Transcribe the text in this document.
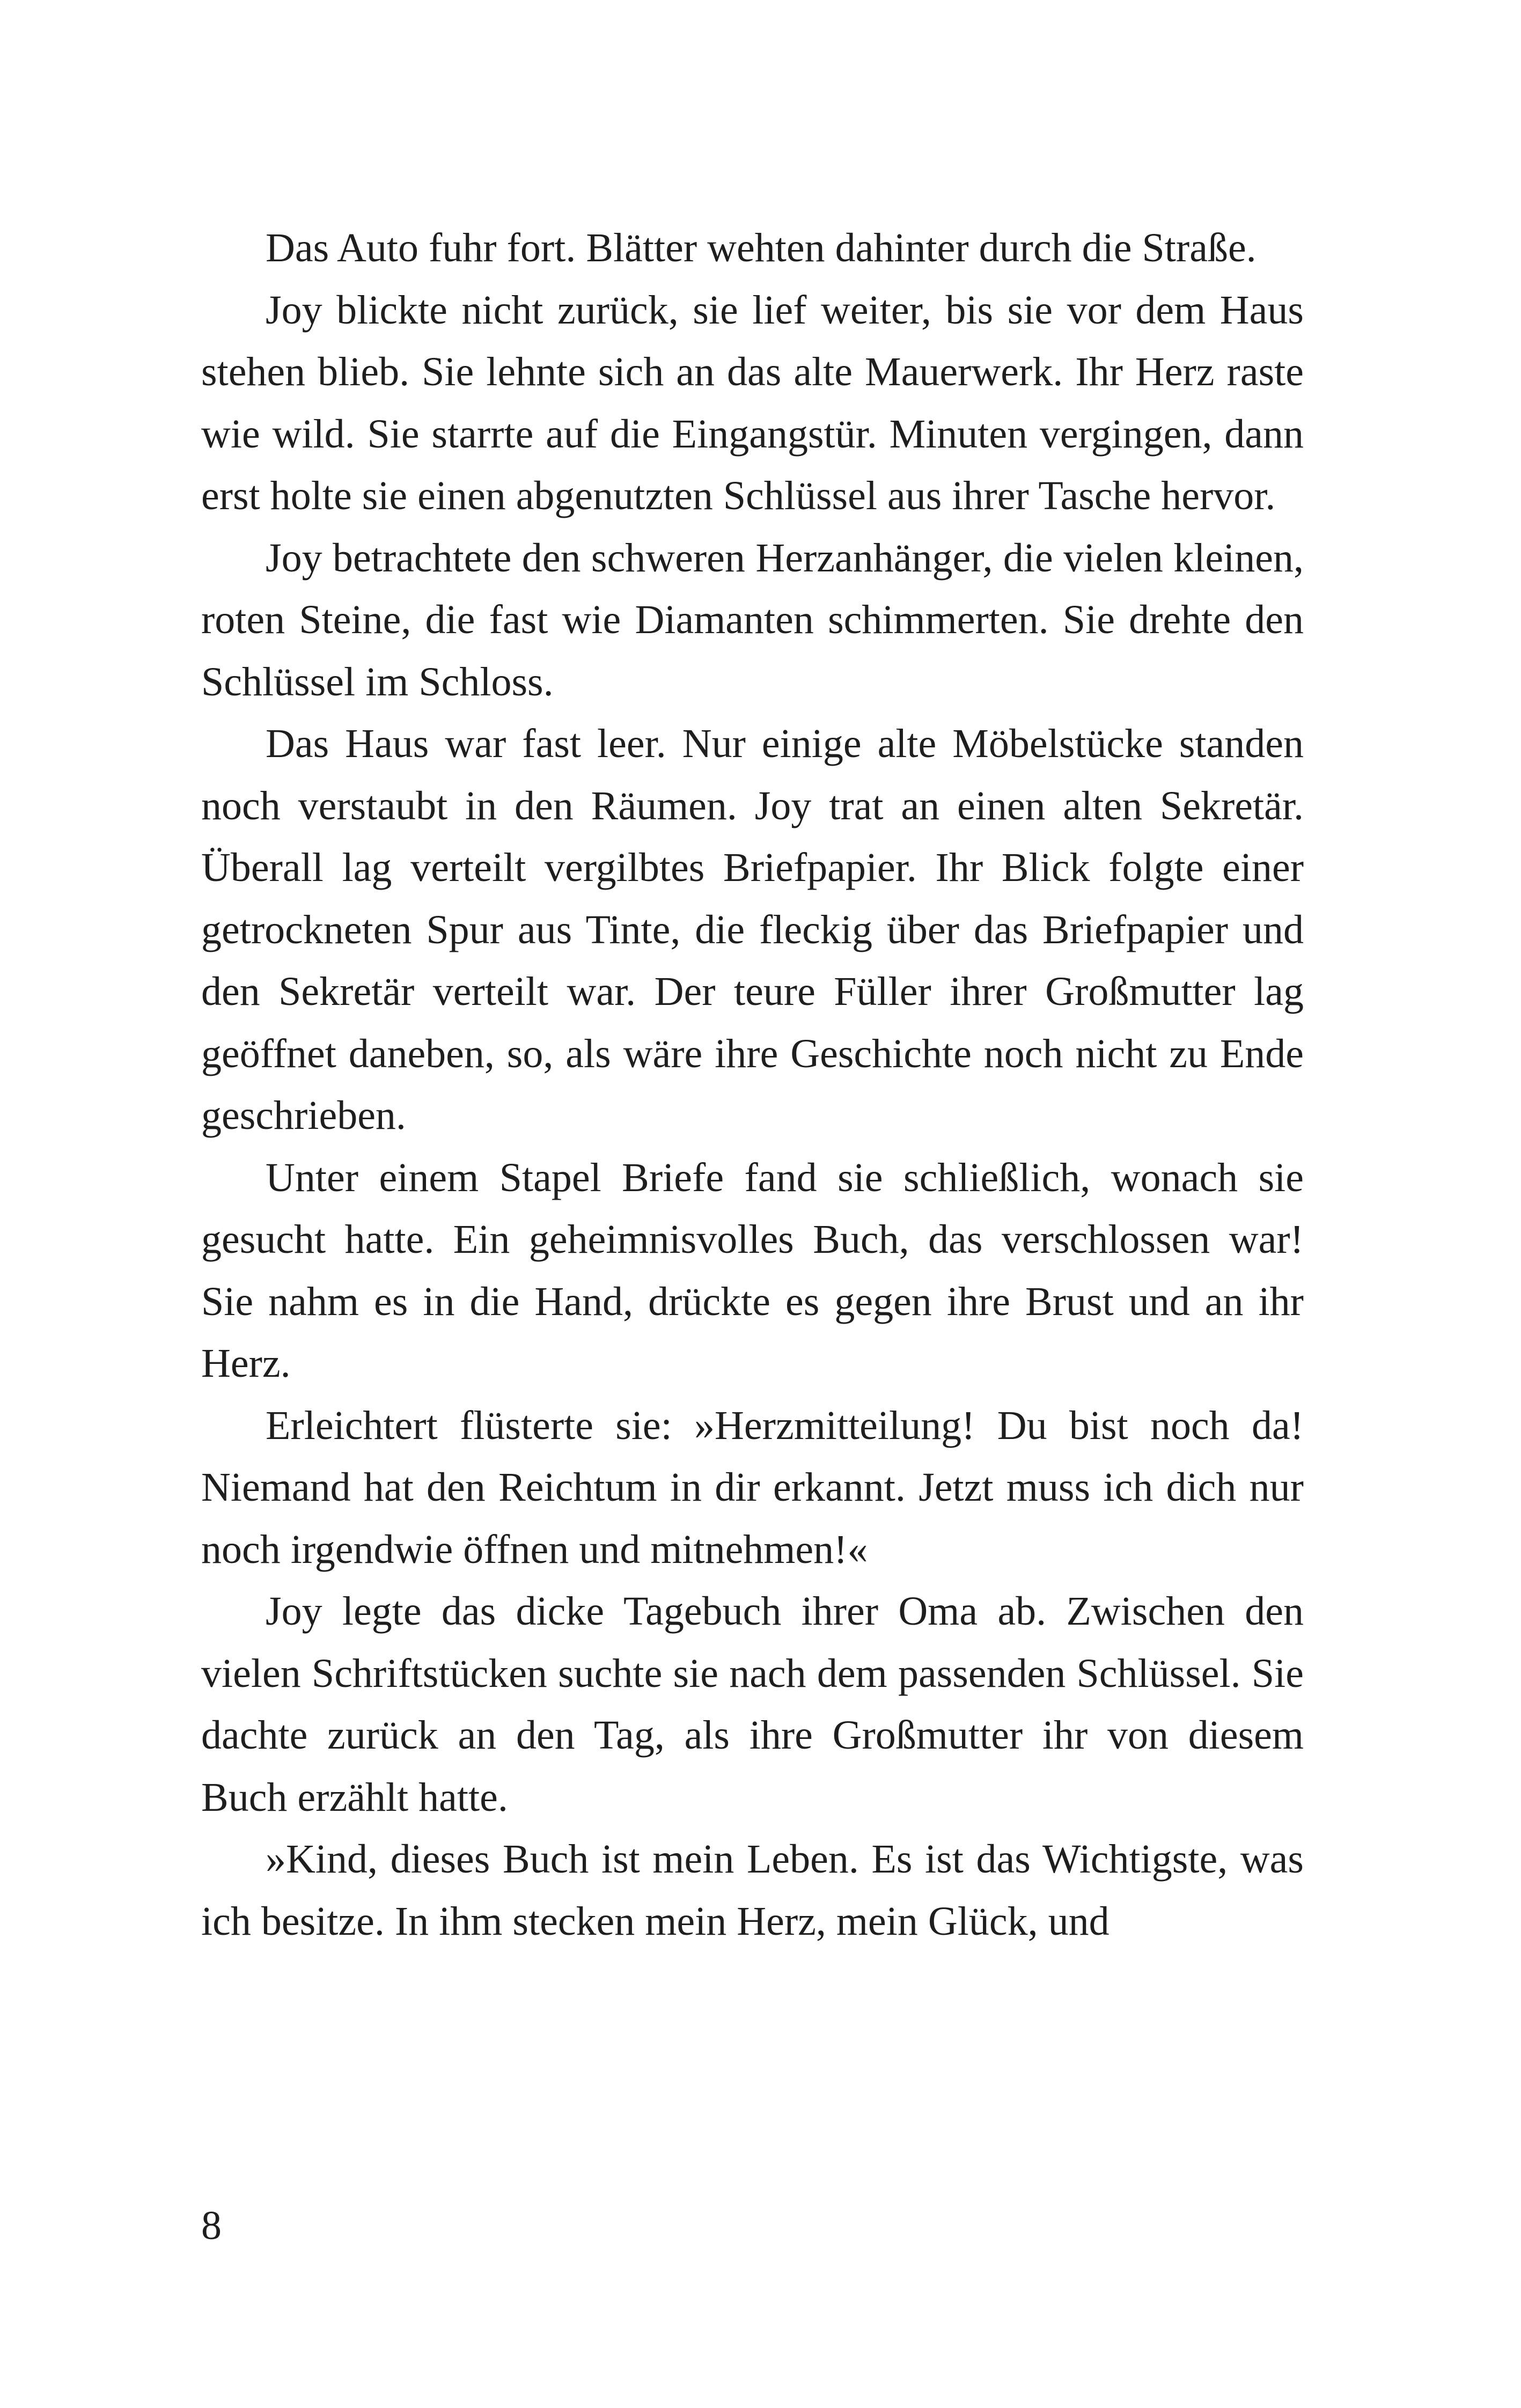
Das Auto fuhr fort. Blätter wehten dahinter durch die Straße.

Joy blickte nicht zurück, sie lief weiter, bis sie vor dem Haus stehen blieb. Sie lehnte sich an das alte Mauerwerk. Ihr Herz raste wie wild. Sie starrte auf die Eingangstür. Minuten vergingen, dann erst holte sie einen abgenutzten Schlüssel aus ihrer Tasche hervor.

Joy betrachtete den schweren Herzanhänger, die vielen kleinen, roten Steine, die fast wie Diamanten schimmerten. Sie drehte den Schlüssel im Schloss.

Das Haus war fast leer. Nur einige alte Möbelstücke standen noch verstaubt in den Räumen. Joy trat an einen alten Sekretär. Überall lag verteilt vergilbtes Briefpapier. Ihr Blick folgte einer getrockneten Spur aus Tinte, die fleckig über das Briefpapier und den Sekretär verteilt war. Der teure Füller ihrer Großmutter lag geöffnet daneben, so, als wäre ihre Geschichte noch nicht zu Ende geschrieben.

Unter einem Stapel Briefe fand sie schließlich, wonach sie gesucht hatte. Ein geheimnisvolles Buch, das verschlossen war! Sie nahm es in die Hand, drückte es gegen ihre Brust und an ihr Herz.

Erleichtert flüsterte sie: »Herzmitteilung! Du bist noch da! Niemand hat den Reichtum in dir erkannt. Jetzt muss ich dich nur noch irgendwie öffnen und mitnehmen!«

Joy legte das dicke Tagebuch ihrer Oma ab. Zwischen den vielen Schriftstücken suchte sie nach dem passenden Schlüssel. Sie dachte zurück an den Tag, als ihre Großmutter ihr von diesem Buch erzählt hatte.

»Kind, dieses Buch ist mein Leben. Es ist das Wichtigste, was ich besitze. In ihm stecken mein Herz, mein Glück, und

8
